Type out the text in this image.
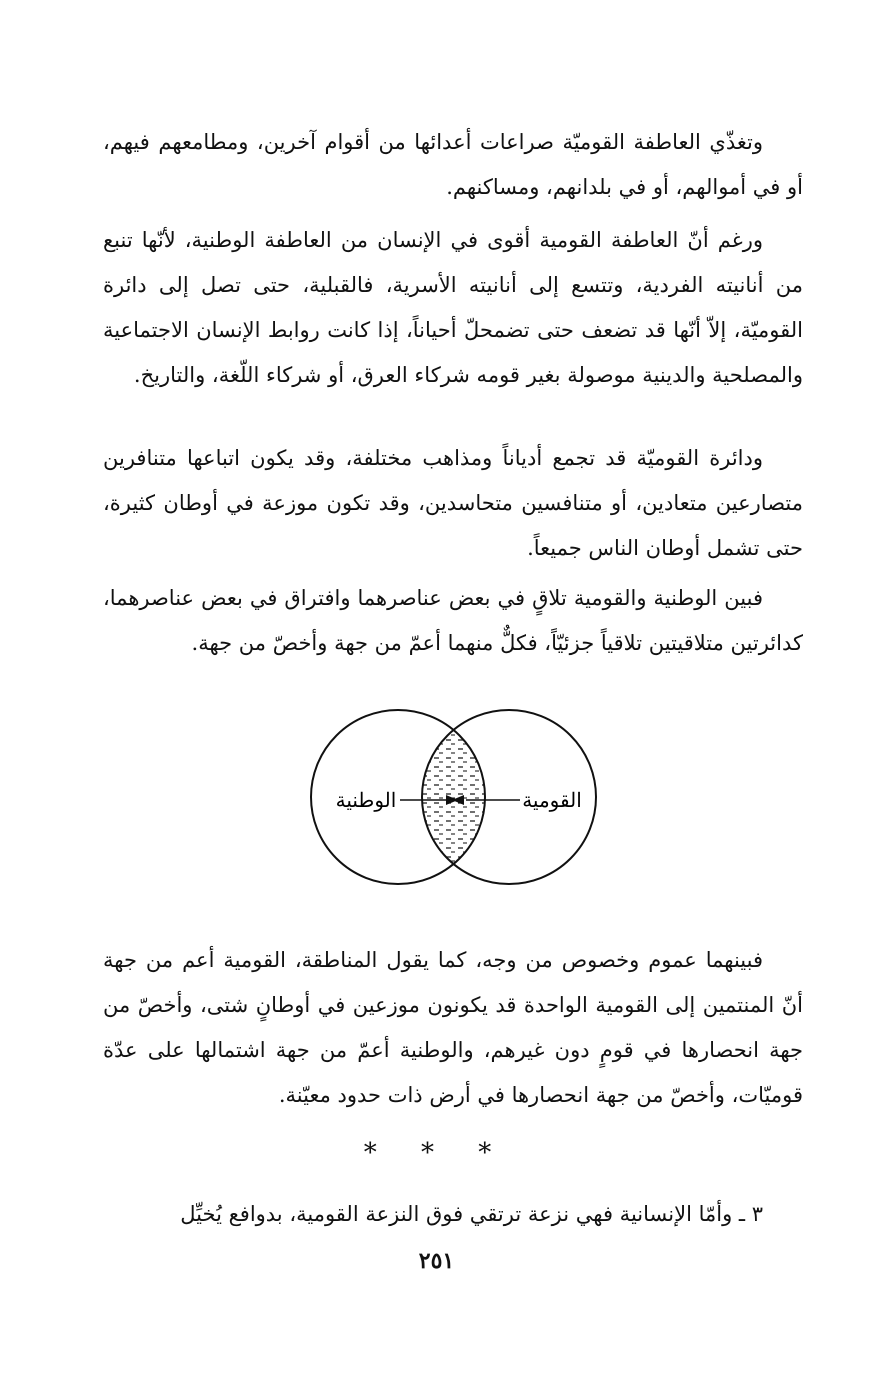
وتغذّي العاطفة القوميّة صراعات أعدائها من أقوام آخرين، ومطامعهم فيهم، أو في أموالهم، أو في بلدانهم، ومساكنهم.

ورغم أنّ العاطفة القومية أقوى في الإنسان من العاطفة الوطنية، لأنّها تنبع من أنانيته الفردية، وتتسع إلى أنانيته الأسرية، فالقبلية، حتى تصل إلى دائرة القوميّة، إلاّ أنّها قد تضعف حتى تضمحلّ أحياناً، إذا كانت روابط الإنسان الاجتماعية والمصلحية والدينية موصولة بغير قومه شركاء العرق، أو شركاء اللّغة، والتاريخ.

ودائرة القوميّة قد تجمع أدياناً ومذاهب مختلفة، وقد يكون اتباعها متنافرين متصارعين متعادين، أو متنافسين متحاسدين، وقد تكون موزعة في أوطان كثيرة، حتى تشمل أوطان الناس جميعاً.

فبين الوطنية والقومية تلاقٍ في بعض عناصرهما وافتراق في بعض عناصرهما، كدائرتين متلاقيتين تلاقياً جزئيّاً، فكلٌّ منهما أعمّ من جهة وأخصّ من جهة.

الوطنية	القومية

فبينهما عموم وخصوص من وجه، كما يقول المناطقة، القومية أعم من جهة أنّ المنتمين إلى القومية الواحدة قد يكونون موزعين في أوطانٍ شتى، وأخصّ من جهة انحصارها في قومٍ دون غيرهم، والوطنية أعمّ من جهة اشتمالها على عدّة قوميّات، وأخصّ من جهة انحصارها في أرض ذات حدود معيّنة.

* * *

٣ ـ وأمّا الإنسانية فهي نزعة ترتقي فوق النزعة القومية، بدوافع يُخيِّل

٢٥١
